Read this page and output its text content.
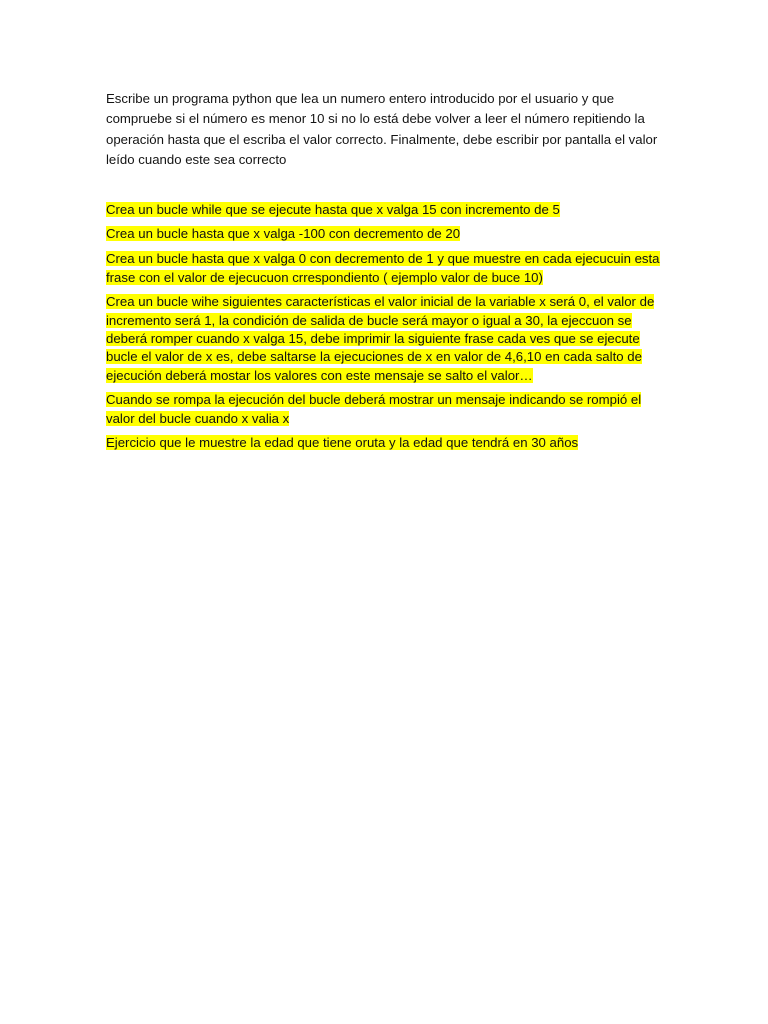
Escribe un programa python que lea un numero entero introducido por el usuario y que compruebe si el número es menor 10 si no lo está debe volver a leer el número repitiendo la operación hasta que el escriba el valor correcto. Finalmente, debe escribir por pantalla el valor leído cuando este sea correcto

Crea un bucle while que se ejecute hasta que x valga 15 con incremento de 5

Crea un bucle hasta que x valga -100 con decremento de 20

Crea un bucle hasta que x valga 0 con decremento de 1 y que muestre en cada ejecucuin esta frase con el valor de ejecucuon crrespondiento ( ejemplo valor de buce 10)

Crea un bucle wihe siguientes características el valor inicial de la variable x será 0, el valor de incremento será 1, la condición de salida de bucle será mayor o igual a 30, la ejeccuon se deberá romper cuando x valga 15, debe imprimir la siguiente frase cada ves que se ejecute bucle el valor de x es, debe saltarse la ejecuciones de x en valor de 4,6,10 en cada salto de ejecución deberá mostar los valores con este mensaje se salto el valor…

Cuando se rompa la ejecución del bucle deberá mostrar un mensaje indicando se rompió el valor del bucle cuando x valia x

Ejercicio que le muestre la edad que tiene oruta y la edad que tendrá en 30 años
